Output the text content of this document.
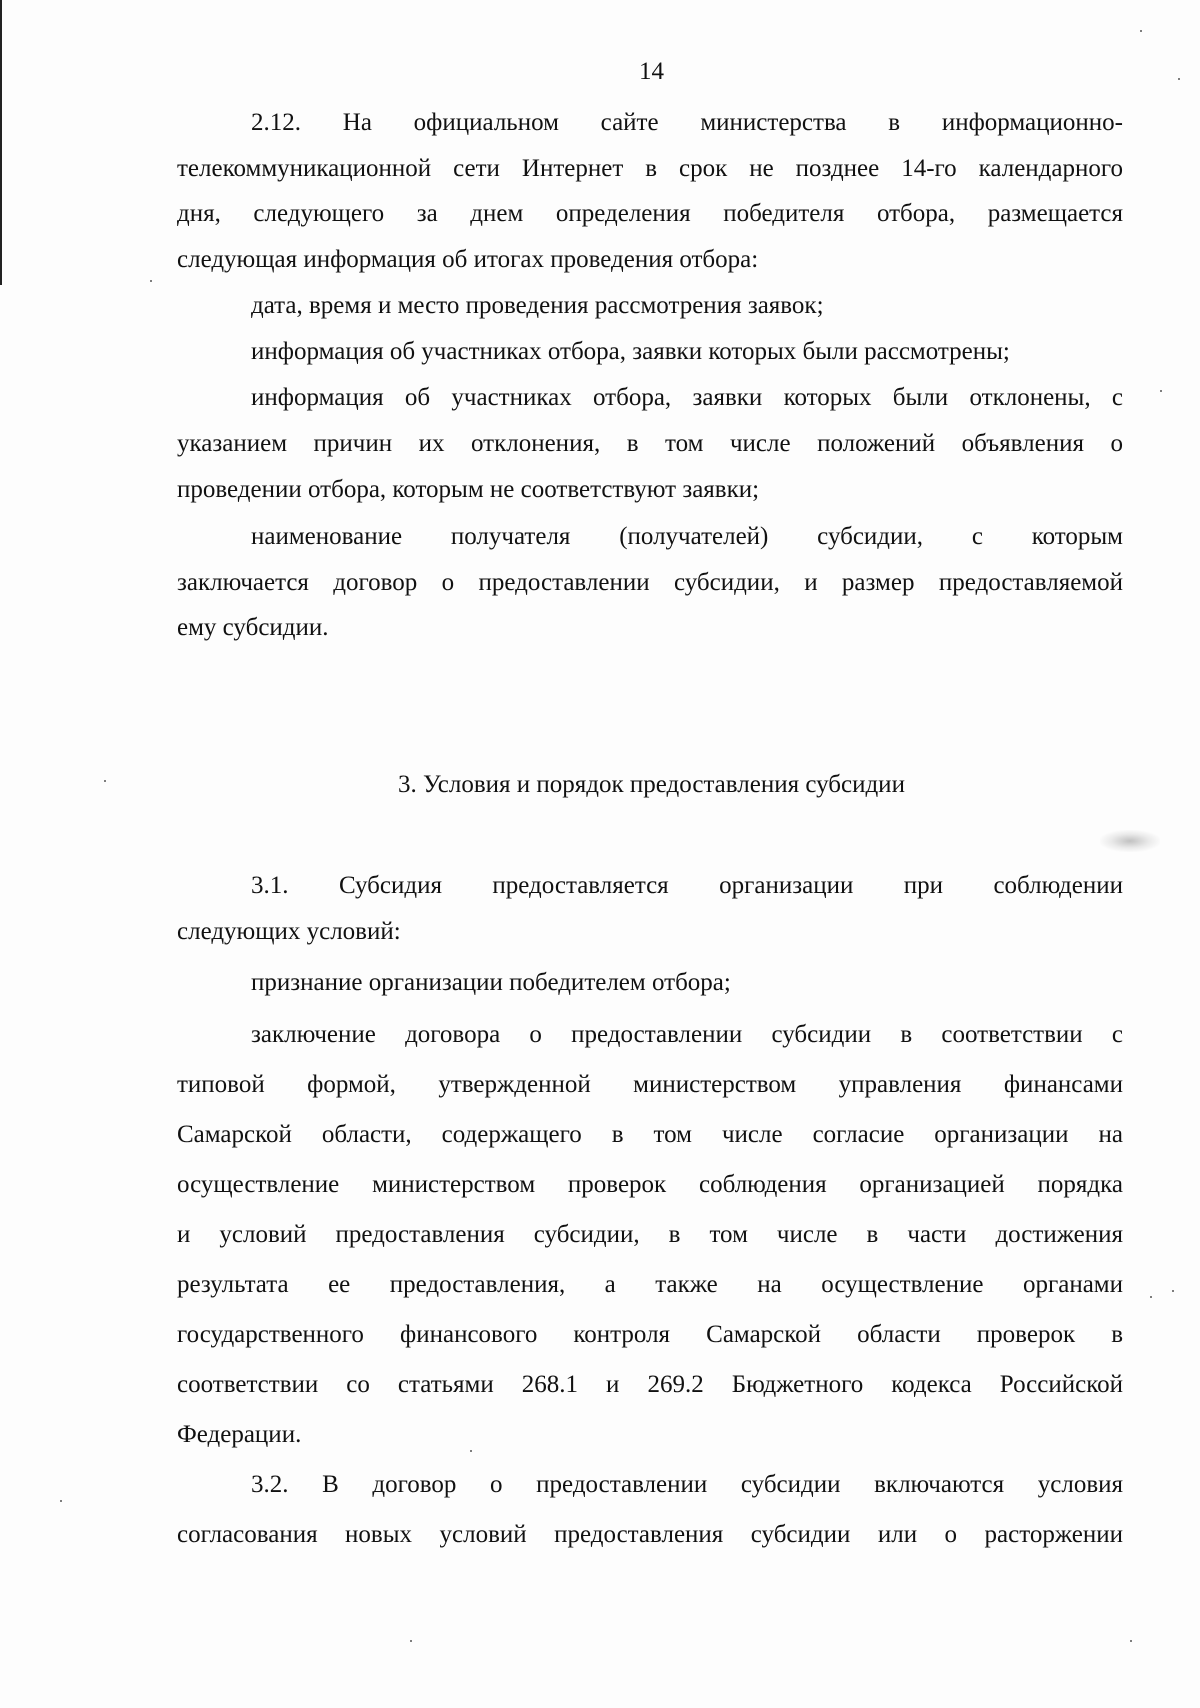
14
2.12. На официальном сайте министерства в информационно-
телекоммуникационной сети Интернет в срок не позднее 14-го календарного
дня, следующего за днем определения победителя отбора, размещается
следующая информация об итогах проведения отбора:
дата, время и место проведения рассмотрения заявок;
информация об участниках отбора, заявки которых были рассмотрены;
информация об участниках отбора, заявки которых были отклонены, с
указанием причин их отклонения, в том числе положений объявления о
проведении отбора, которым не соответствуют заявки;
наименование получателя (получателей) субсидии, с которым
заключается договор о предоставлении субсидии, и размер предоставляемой
ему субсидии.
3.1. Субсидия предоставляется организации при соблюдении
следующих условий:
признание организации победителем отбора;
заключение договора о предоставлении субсидии в соответствии с
типовой формой, утвержденной министерством управления финансами
Самарской области, содержащего в том числе согласие организации на
осуществление министерством проверок соблюдения организацией порядка
и условий предоставления субсидии, в том числе в части достижения
результата ее предоставления, а также на осуществление органами
государственного финансового контроля Самарской области проверок в
соответствии со статьями 268.1 и 269.2 Бюджетного кодекса Российской
Федерации.
3.2. В договор о предоставлении субсидии включаются условия
согласования новых условий предоставления субсидии или о расторжении
3. Условия и порядок предоставления субсидии
